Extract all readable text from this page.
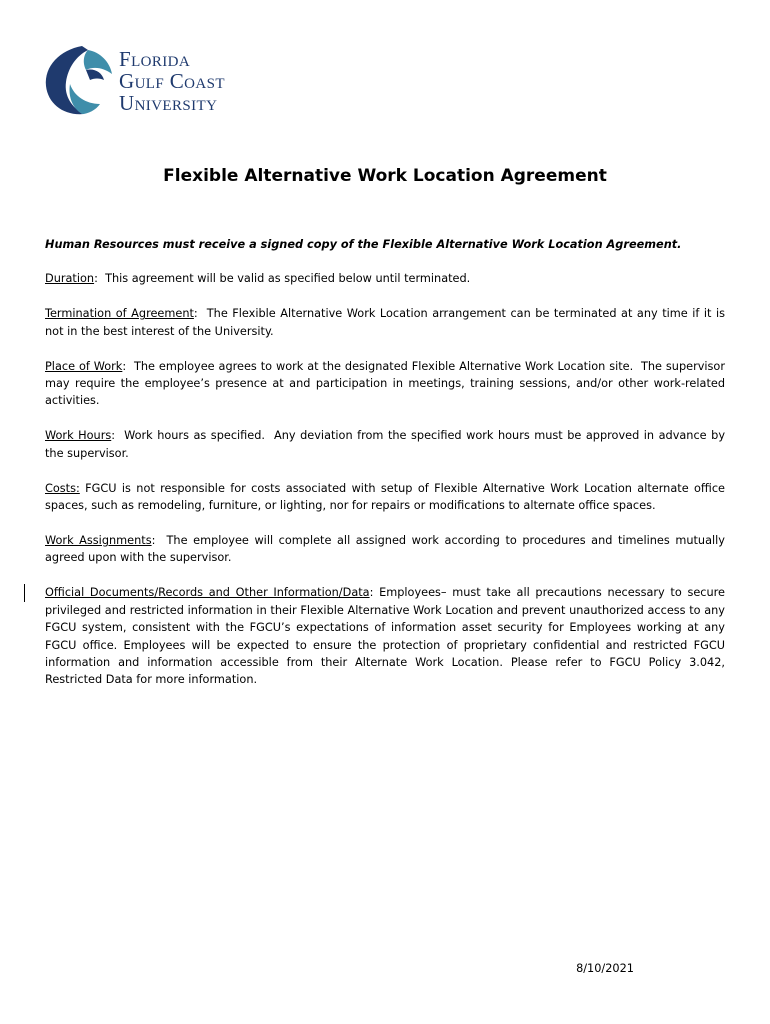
Florida
Gulf Coast
University
Flexible Alternative Work Location Agreement

Human Resources must receive a signed copy of the Flexible Alternative Work Location Agreement.

Duration:  This agreement will be valid as specified below until terminated.

Termination of Agreement:  The Flexible Alternative Work Location arrangement can be terminated at any time if it is not in the best interest of the University.

Place of Work:  The employee agrees to work at the designated Flexible Alternative Work Location site.  The supervisor may require the employee’s presence at and participation in meetings, training sessions, and/or other work-related activities.

Work Hours:  Work hours as specified.  Any deviation from the specified work hours must be approved in advance by the supervisor.

Costs: FGCU is not responsible for costs associated with setup of Flexible Alternative Work Location alternate office spaces, such as remodeling, furniture, or lighting, nor for repairs or modifications to alternate office spaces.

Work Assignments:  The employee will complete all assigned work according to procedures and timelines mutually agreed upon with the supervisor.

Official Documents/Records and Other Information/Data: Employees– must take all precautions necessary to secure privileged and restricted information in their Flexible Alternative Work Location and prevent unauthorized access to any FGCU system, consistent with the FGCU’s expectations of information asset security for Employees working at any FGCU office. Employees will be expected to ensure the protection of proprietary confidential and restricted FGCU information and information accessible from their Alternate Work Location. Please refer to FGCU Policy 3.042, Restricted Data for more information.

8/10/2021
